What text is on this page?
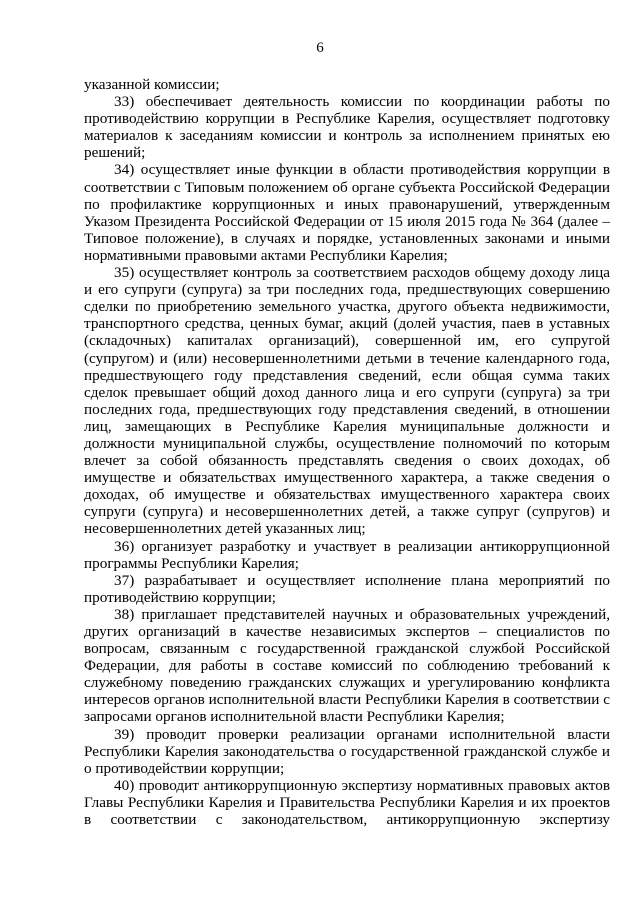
6

указанной комиссии;

33) обеспечивает деятельность комиссии по координации работы по противодействию коррупции в Республике Карелия, осуществляет подготовку материалов к заседаниям комиссии и контроль за исполнением принятых ею решений;

34) осуществляет иные функции в области противодействия коррупции в соответствии с Типовым положением об органе субъекта Российской Федерации по профилактике коррупционных и иных правонарушений, утвержденным Указом Президента Российской Федерации от 15 июля 2015 года № 364 (далее – Типовое положение), в случаях и порядке, установленных законами и иными нормативными правовыми актами Республики Карелия;

35) осуществляет контроль за соответствием расходов общему доходу лица и его супруги (супруга) за три последних года, предшествующих совершению сделки по приобретению земельного участка, другого объекта недвижимости, транспортного средства, ценных бумаг, акций (долей участия, паев в уставных (складочных) капиталах организаций), совершенной им, его супругой (супругом) и (или) несовершеннолетними детьми в течение календарного года, предшествующего году представления сведений, если общая сумма таких сделок превышает общий доход данного лица и его супруги (супруга) за три последних года, предшествующих году представления сведений, в отношении лиц, замещающих в Республике Карелия муниципальные должности и должности муниципальной службы, осуществление полномочий по которым влечет за собой обязанность представлять сведения о своих доходах, об имуществе и обязательствах имущественного характера, а также сведения о доходах, об имуществе и обязательствах имущественного характера своих супруги (супруга) и несовершеннолетних детей, а также супруг (супругов) и несовершеннолетних детей указанных лиц;

36) организует разработку и участвует в реализации антикоррупционной программы Республики Карелия;

37) разрабатывает и осуществляет исполнение плана мероприятий по противодействию коррупции;

38) приглашает представителей научных и образовательных учреждений, других организаций в качестве независимых экспертов – специалистов по вопросам, связанным с государственной гражданской службой Российской Федерации, для работы в составе комиссий по соблюдению требований к служебному поведению гражданских служащих и урегулированию конфликта интересов органов исполнительной власти Республики Карелия в соответствии с запросами органов исполнительной власти Республики Карелия;

39) проводит проверки реализации органами исполнительной власти Республики Карелия законодательства о государственной гражданской службе и о противодействии коррупции;

40) проводит антикоррупционную экспертизу нормативных правовых актов Главы Республики Карелия и Правительства Республики Карелия и их проектов в соответствии с законодательством, антикоррупционную экспертизу
